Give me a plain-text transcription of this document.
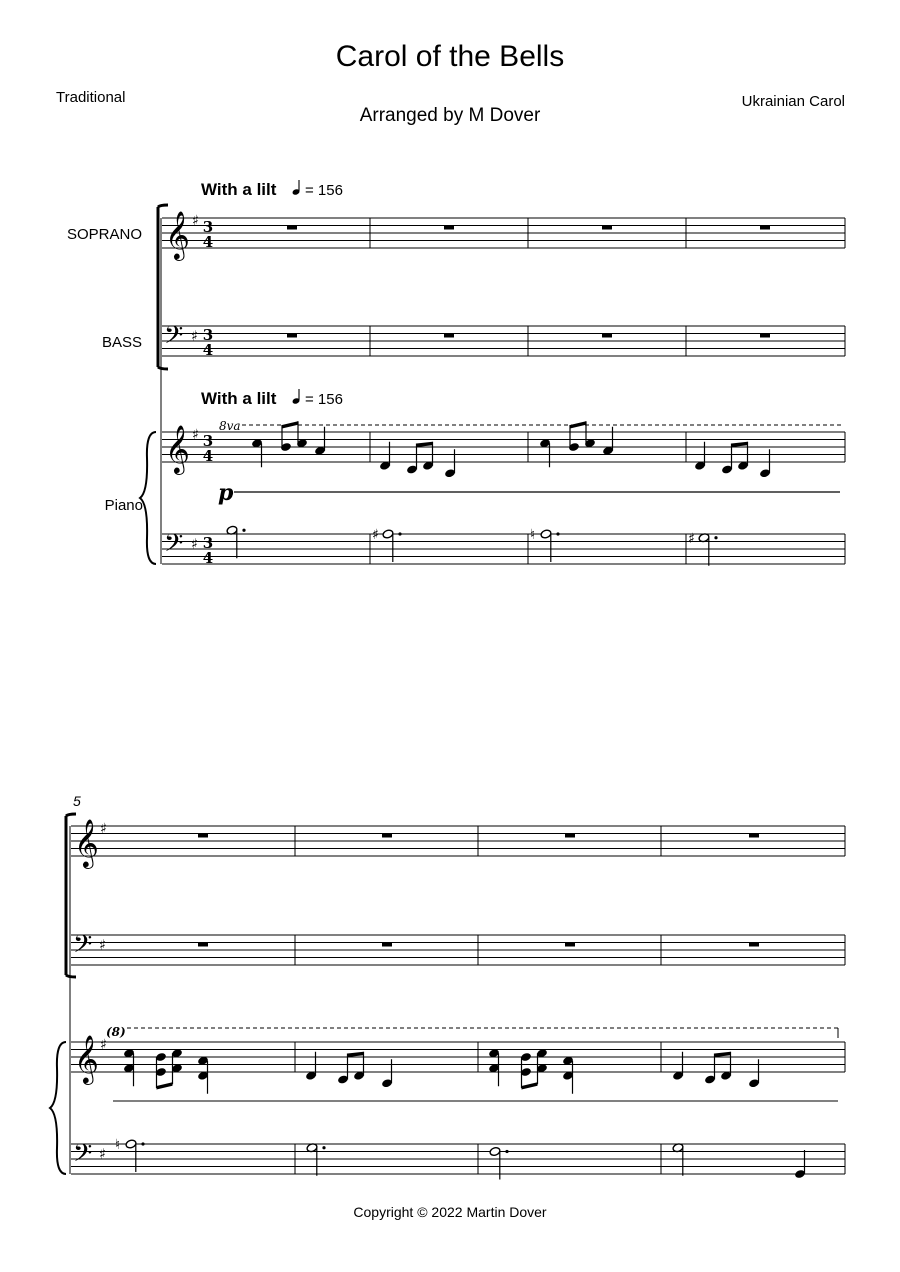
Carol of the Bells
Traditional	Ukrainian Carol
Arranged by M Dover
Copyright © 2022 Martin Dover
SOPRANO
BASS
Piano
With a lilt = 156
With a lilt = 156
8va
(8)
p
5
𝄞 ♯ 3
4
𝄢 ♯ 3
4
𝄞 ♯ 3
4
𝄢 ♯ 3
4
♯	♮	♯
𝄞 ♯
𝄢 ♯
𝄞 ♯
𝄢 ♯
♮
